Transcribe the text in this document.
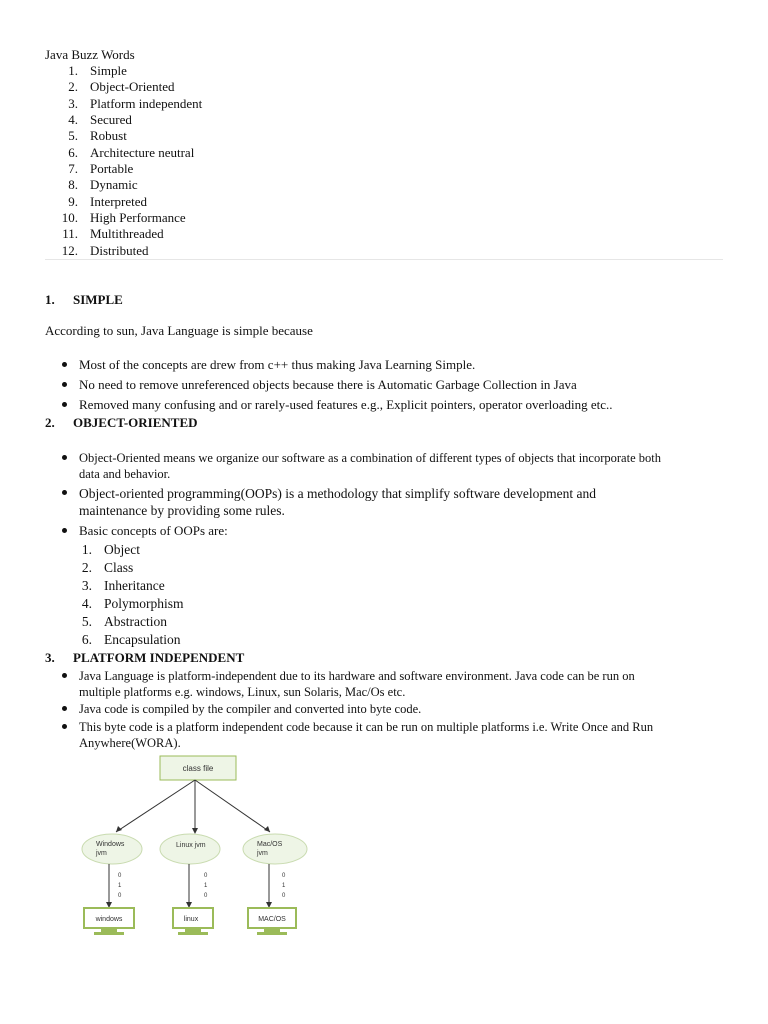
Java Buzz Words
1. Simple
2. Object-Oriented
3. Platform independent
4. Secured
5. Robust
6. Architecture neutral
7. Portable
8. Dynamic
9. Interpreted
10. High Performance
11. Multithreaded
12. Distributed
1. SIMPLE
According to sun, Java Language is simple because
Most of the concepts are drew from c++ thus making Java Learning Simple.
No need to remove unreferenced objects because there is Automatic Garbage Collection in Java
Removed many confusing and or rarely-used features e.g., Explicit pointers, operator overloading etc..
2. OBJECT-ORIENTED
Object-Oriented means we organize our software as a combination of different types of objects that incorporate both
data and behavior.
Object-oriented programming(OOPs) is a methodology that simplify software development and
maintenance by providing some rules.
Basic concepts of OOPs are:
1. Object
2. Class
3. Inheritance
4. Polymorphism
5. Abstraction
6. Encapsulation
3. PLATFORM INDEPENDENT
Java Language is platform-independent due to its hardware and software environment. Java code can be run on
multiple platforms e.g. windows, Linux, sun Solaris, Mac/Os etc.
Java code is compiled by the compiler and converted into byte code.
This byte code is a platform independent code because it can be run on multiple platforms i.e. Write Once and Run
Anywhere(WORA).
class file
Windows
jvm
Linux jvm	Mac/OS
jvm
0
1
0
0
1
0
0
1
0
windows	linux	MAC/OS
